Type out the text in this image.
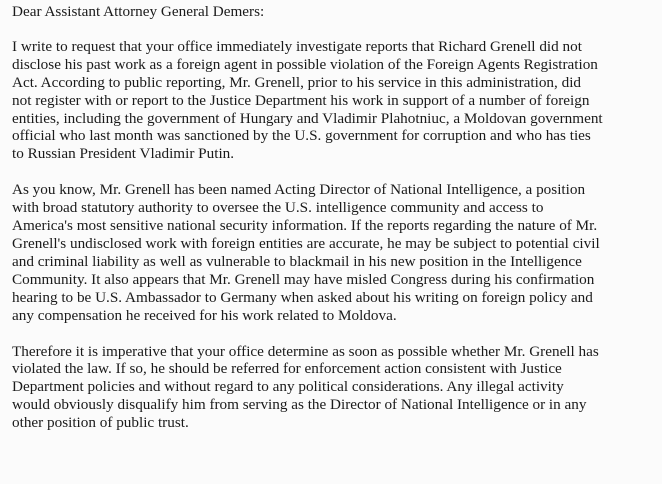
Dear Assistant Attorney General Demers:
I write to request that your office immediately investigate reports that Richard Grenell did not
disclose his past work as a foreign agent in possible violation of the Foreign Agents Registration
Act. According to public reporting, Mr. Grenell, prior to his service in this administration, did
not register with or report to the Justice Department his work in support of a number of foreign
entities, including the government of Hungary and Vladimir Plahotniuc, a Moldovan government
official who last month was sanctioned by the U.S. government for corruption and who has ties
to Russian President Vladimir Putin.
As you know, Mr. Grenell has been named Acting Director of National Intelligence, a position
with broad statutory authority to oversee the U.S. intelligence community and access to
America's most sensitive national security information. If the reports regarding the nature of Mr.
Grenell's undisclosed work with foreign entities are accurate, he may be subject to potential civil
and criminal liability as well as vulnerable to blackmail in his new position in the Intelligence
Community. It also appears that Mr. Grenell may have misled Congress during his confirmation
hearing to be U.S. Ambassador to Germany when asked about his writing on foreign policy and
any compensation he received for his work related to Moldova.
Therefore it is imperative that your office determine as soon as possible whether Mr. Grenell has
violated the law. If so, he should be referred for enforcement action consistent with Justice
Department policies and without regard to any political considerations. Any illegal activity
would obviously disqualify him from serving as the Director of National Intelligence or in any
other position of public trust.
